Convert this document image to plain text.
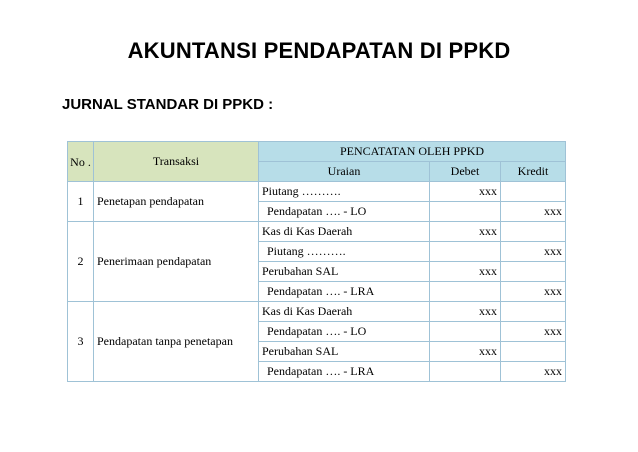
AKUNTANSI PENDAPATAN DI PPKD
JURNAL STANDAR DI PPKD :
No .	Transaksi	PENCATATAN OLEH PPKD		
		Uraian	Debet	Kredit
1	Penetapan pendapatan	Piutang ……….	xxx	
		Pendapatan …. - LO		xxx
2	Penerimaan pendapatan	Kas di Kas Daerah	xxx	
		Piutang ……….		xxx
		Perubahan SAL	xxx	
		Pendapatan …. - LRA		xxx
3	Pendapatan tanpa penetapan	Kas di Kas Daerah	xxx	
		Pendapatan …. - LO		xxx
		Perubahan SAL	xxx	
		Pendapatan …. - LRA		xxx
